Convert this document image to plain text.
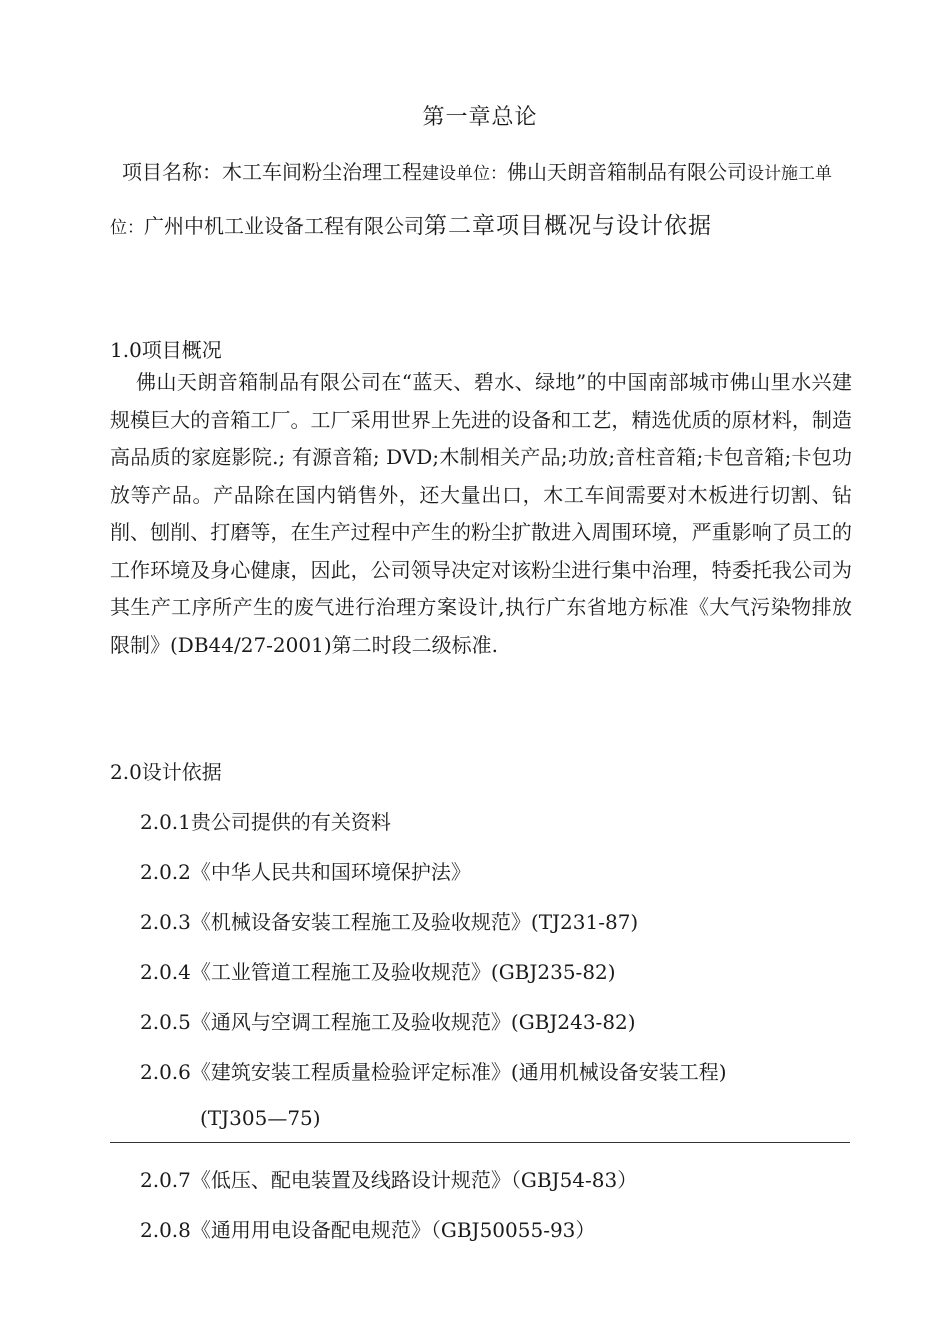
第一章总论
项目名称：木工车间粉尘治理工程建设单位：佛山天朗音箱制品有限公司设计施工单位：广州中机工业设备工程有限公司第二章项目概况与设计依据
1.0项目概况
佛山天朗音箱制品有限公司在“蓝天、碧水、绿地”的中国南部城市佛山里水兴建规模巨大的音箱工厂。工厂采用世界上先进的设备和工艺，精选优质的原材料，制造高品质的家庭影院.; 有源音箱; DVD;木制相关产品;功放;音柱音箱;卡包音箱;卡包功放等产品。产品除在国内销售外，还大量出口，木工车间需要对木板进行切割、钻削、刨削、打磨等，在生产过程中产生的粉尘扩散进入周围环境，严重影响了员工的工作环境及身心健康，因此，公司领导决定对该粉尘进行集中治理，特委托我公司为其生产工序所产生的废气进行治理方案设计,执行广东省地方标准《大气污染物排放限制》(DB44/27-2001)第二时段二级标准.
2.0设计依据
2.0.1贵公司提供的有关资料
2.0.2《中华人民共和国环境保护法》
2.0.3《机械设备安装工程施工及验收规范》(TJ231-87)
2.0.4《工业管道工程施工及验收规范》(GBJ235-82)
2.0.5《通风与空调工程施工及验收规范》(GBJ243-82)
2.0.6《建筑安装工程质量检验评定标准》(通用机械设备安装工程)
(TJ305—75)
2.0.7《低压、配电装置及线路设计规范》（GBJ54-83）
2.0.8《通用用电设备配电规范》（GBJ50055-93）
